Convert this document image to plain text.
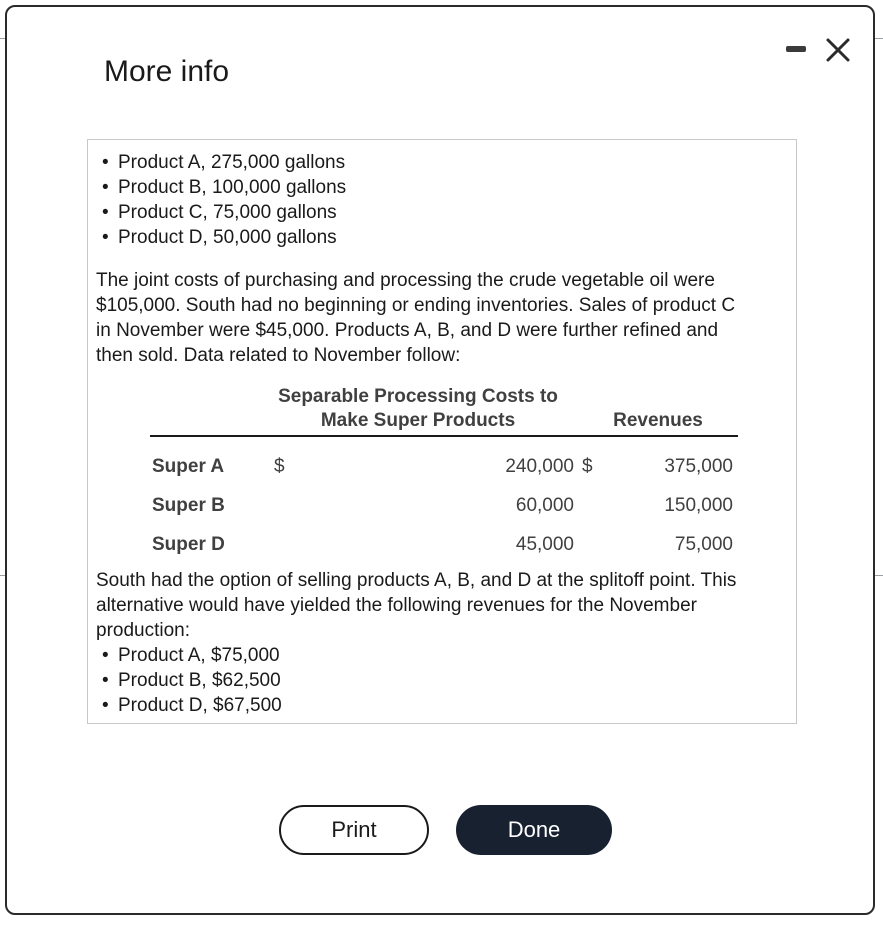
More info
• Product A, 275,000 gallons
• Product B, 100,000 gallons
• Product C, 75,000 gallons
• Product D, 50,000 gallons
The joint costs of purchasing and processing the crude vegetable oil were
$105,000. South had no beginning or ending inventories. Sales of product C
in November were $45,000. Products A, B, and D were further refined and
then sold. Data related to November follow:
Separable Processing Costs to
Make Super Products	Revenues
Super A	$	240,000 $	375,000
Super B	60,000	150,000
Super D	45,000	75,000
South had the option of selling products A, B, and D at the splitoff point. This
alternative would have yielded the following revenues for the November
production:
• Product A, $75,000
• Product B, $62,500
• Product D, $67,500
Print	Done
